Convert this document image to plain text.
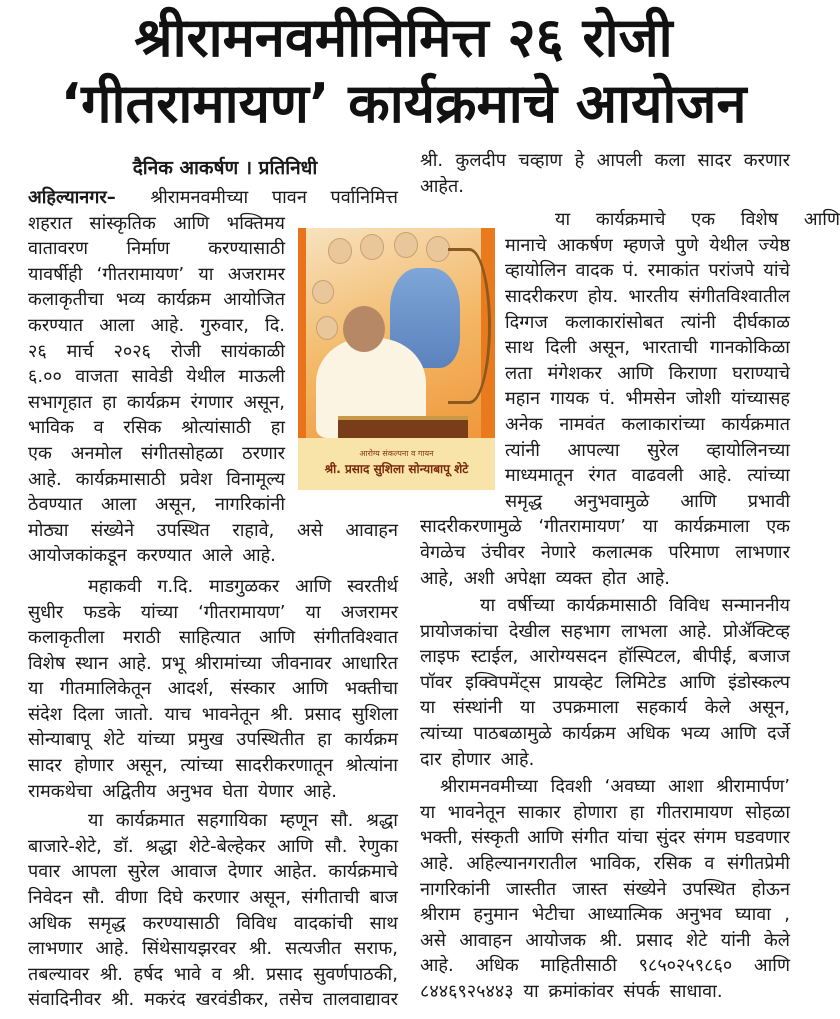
श्रीरामनवमीनिमित्त २६ रोजी
‘गीतरामायण’ कार्यक्रमाचे आयोजन
दैनिक आकर्षण । प्रतिनिधी
अहिल्यानगर– श्रीरामनवमीच्या पावन पर्वानिमित्त
शहरात सांस्कृतिक आणि भक्तिमय
वातावरण निर्माण करण्यासाठी
यावर्षीही ‘गीतरामायण’ या अजरामर
कलाकृतीचा भव्य कार्यक्रम आयोजित
करण्यात आला आहे. गुरुवार, दि.
२६ मार्च २०२६ रोजी सायंकाळी
६.०० वाजता सावेडी येथील माऊली
सभागृहात हा कार्यक्रम रंगणार असून,
भाविक व रसिक श्रोत्यांसाठी हा
एक अनमोल संगीतसोहळा ठरणार
आहे. कार्यक्रमासाठी प्रवेश विनामूल्य
ठेवण्यात आला असून, नागरिकांनी
मोठ्या संख्येने उपस्थित राहावे, असे आवाहन
आयोजकांकडून करण्यात आले आहे.
महाकवी ग.दि. माडगुळकर आणि स्वरतीर्थ
सुधीर फडके यांच्या ‘गीतरामायण’ या अजरामर
कलाकृतीला मराठी साहित्यात आणि संगीतविश्वात
विशेष स्थान आहे. प्रभू श्रीरामांच्या जीवनावर आधारित
या गीतमालिकेतून आदर्श, संस्कार आणि भक्तीचा
संदेश दिला जातो. याच भावनेतून श्री. प्रसाद सुशिला
सोन्याबापू शेटे यांच्या प्रमुख उपस्थितीत हा कार्यक्रम
सादर होणार असून, त्यांच्या सादरीकरणातून श्रोत्यांना
रामकथेचा अद्वितीय अनुभव घेता येणार आहे.
या कार्यक्रमात सहगायिका म्हणून सौ. श्रद्धा
बाजारे-शेटे, डॉ. श्रद्धा शेटे-बेल्हेकर आणि सौ. रेणुका
पवार आपला सुरेल आवाज देणार आहेत. कार्यक्रमाचे
निवेदन सौ. वीणा दिघे करणार असून, संगीताची बाज
अधिक समृद्ध करण्यासाठी विविध वादकांची साथ
लाभणार आहे. सिंथेसायझरवर श्री. सत्यजीत सराफ,
तबल्यावर श्री. हर्षद भावे व श्री. प्रसाद सुवर्णपाठकी,
संवादिनीवर श्री. मकरंद खरवंडीकर, तसेच तालवाद्यावर
श्री. कुलदीप चव्हाण हे आपली कला सादर करणार
आहेत.
या कार्यक्रमाचे एक विशेष आणि
मानाचे आकर्षण म्हणजे पुणे येथील ज्येष्ठ
व्हायोलिन वादक पं. रमाकांत परांजपे यांचे
सादरीकरण होय. भारतीय संगीतविश्वातील
दिग्गज कलाकारांसोबत त्यांनी दीर्घकाळ
साथ दिली असून, भारताची गानकोकिळा
लता मंगेशकर आणि किराणा घराण्याचे
महान गायक पं. भीमसेन जोशी यांच्यासह
अनेक नामवंत कलाकारांच्या कार्यक्रमात
त्यांनी आपल्या सुरेल व्हायोलिनच्या
माध्यमातून रंगत वाढवली आहे. त्यांच्या
समृद्ध अनुभवामुळे आणि प्रभावी
सादरीकरणामुळे ‘गीतरामायण’ या कार्यक्रमाला एक
वेगळेच उंचीवर नेणारे कलात्मक परिमाण लाभणार
आहे, अशी अपेक्षा व्यक्त होत आहे.
या वर्षीच्या कार्यक्रमासाठी विविध सन्माननीय
प्रायोजकांचा देखील सहभाग लाभला आहे. प्रोॲक्टिव्ह
लाइफ स्टाईल, आरोग्यसदन हॉस्पिटल, बीपीई, बजाज
पॉवर इक्विपमेंट्स प्रायव्हेट लिमिटेड आणि इंडोस्कल्प
या संस्थांनी या उपक्रमाला सहकार्य केले असून,
त्यांच्या पाठबळामुळे कार्यक्रम अधिक भव्य आणि दर्जे
दार होणार आहे.
श्रीरामनवमीच्या दिवशी ‘अवघ्या आशा श्रीरामार्पण’
या भावनेतून साकार होणारा हा गीतरामायण सोहळा
भक्ती, संस्कृती आणि संगीत यांचा सुंदर संगम घडवणार
आहे. अहिल्यानगरातील भाविक, रसिक व संगीतप्रेमी
नागरिकांनी जास्तीत जास्त संख्येने उपस्थित होऊन
श्रीराम हनुमान भेटीचा आध्यात्मिक अनुभव घ्यावा ,
असे आवाहन आयोजक श्री. प्रसाद शेटे यांनी केले
आहे. अधिक माहितीसाठी ९८५०२५९८६० आणि
८४४६९२५४४३ या क्रमांकांवर संपर्क साधावा.
आरोग्य संकल्पना व गायन
श्री. प्रसाद सुशिला सोन्याबापू शेटे
